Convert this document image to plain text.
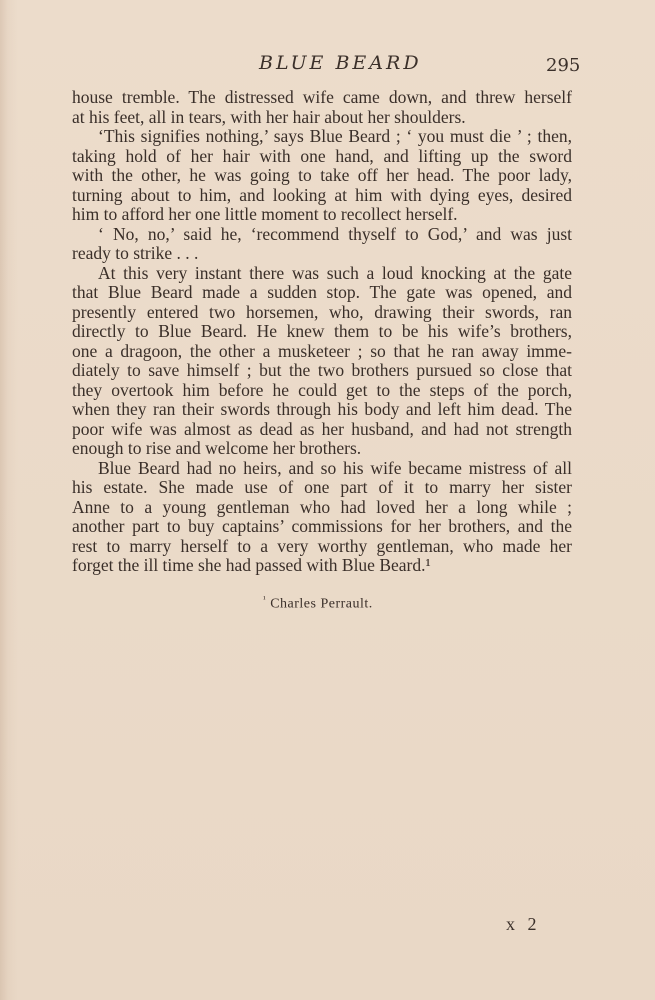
BLUE BEARD	295
house tremble. The distressed wife came down, and threw herself
at his feet, all in tears, with her hair about her shoulders.
‘This signifies nothing,’ says Blue Beard ; ‘ you must die ’ ; then,
taking hold of her hair with one hand, and lifting up the sword
with the other, he was going to take off her head. The poor lady,
turning about to him, and looking at him with dying eyes, desired
him to afford her one little moment to recollect herself.
‘ No, no,’ said he, ‘recommend thyself to God,’ and was just
ready to strike . . .
At this very instant there was such a loud knocking at the gate
that Blue Beard made a sudden stop. The gate was opened, and
presently entered two horsemen, who, drawing their swords, ran
directly to Blue Beard. He knew them to be his wife’s brothers,
one a dragoon, the other a musketeer ; so that he ran away imme-
diately to save himself ; but the two brothers pursued so close that
they overtook him before he could get to the steps of the porch,
when they ran their swords through his body and left him dead. The
poor wife was almost as dead as her husband, and had not strength
enough to rise and welcome her brothers.
Blue Beard had no heirs, and so his wife became mistress of all
his estate. She made use of one part of it to marry her sister
Anne to a young gentleman who had loved her a long while ;
another part to buy captains’ commissions for her brothers, and the
rest to marry herself to a very worthy gentleman, who made her
forget the ill time she had passed with Blue Beard.¹
$^{^1}$ Charles Perrault.
x 2
